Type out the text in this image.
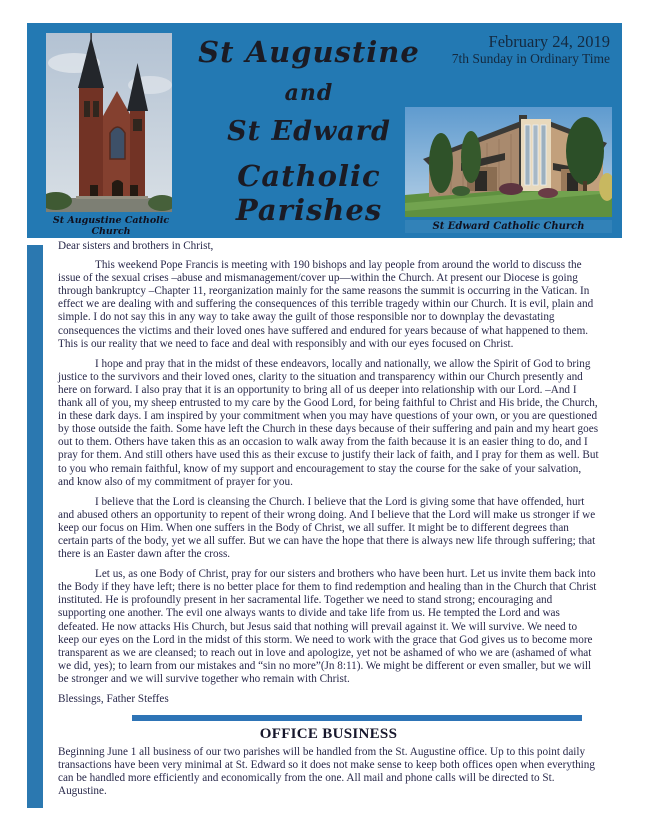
St Augustine Catholic Church
St Augustine
and
St Edward
Catholic Parishes
February 24, 2019
7th Sunday in Ordinary Time
St Edward Catholic Church

Dear sisters and brothers in Christ,

This weekend Pope Francis is meeting with 190 bishops and lay people from around the world to discuss the issue of the sexual crises –abuse and mismanagement/cover up—within the Church. At present our Diocese is going through bankruptcy –Chapter 11, reorganization mainly for the same reasons the summit is occurring in the Vatican. In effect we are dealing with and suffering the consequences of this terrible tragedy within our Church. It is evil, plain and simple. I do not say this in any way to take away the guilt of those responsible nor to downplay the devastating consequences the victims and their loved ones have suffered and endured for years because of what happened to them. This is our reality that we need to face and deal with responsibly and with our eyes focused on Christ.

I hope and pray that in the midst of these endeavors, locally and nationally, we allow the Spirit of God to bring justice to the survivors and their loved ones, clarity to the situation and transparency within our Church presently and here on forward. I also pray that it is an opportunity to bring all of us deeper into relationship with our Lord. –And I thank all of you, my sheep entrusted to my care by the Good Lord, for being faithful to Christ and His bride, the Church, in these dark days. I am inspired by your commitment when you may have questions of your own, or you are questioned by those outside the faith. Some have left the Church in these days because of their suffering and pain and my heart goes out to them. Others have taken this as an occasion to walk away from the faith because it is an easier thing to do, and I pray for them. And still others have used this as their excuse to justify their lack of faith, and I pray for them as well. But to you who remain faithful, know of my support and encouragement to stay the course for the sake of your salvation, and know also of my commitment of prayer for you.

I believe that the Lord is cleansing the Church. I believe that the Lord is giving some that have offended, hurt and abused others an opportunity to repent of their wrong doing. And I believe that the Lord will make us stronger if we keep our focus on Him. When one suffers in the Body of Christ, we all suffer. It might be to different degrees than certain parts of the body, yet we all suffer. But we can have the hope that there is always new life through suffering; that there is an Easter dawn after the cross.

Let us, as one Body of Christ, pray for our sisters and brothers who have been hurt. Let us invite them back into the Body if they have left; there is no better place for them to find redemption and healing than in the Church that Christ instituted. He is profoundly present in her sacramental life. Together we need to stand strong; encouraging and supporting one another. The evil one always wants to divide and take life from us. He tempted the Lord and was defeated. He now attacks His Church, but Jesus said that nothing will prevail against it. We will survive. We need to keep our eyes on the Lord in the midst of this storm. We need to work with the grace that God gives us to become more transparent as we are cleansed; to reach out in love and apologize, yet not be ashamed of who we are (ashamed of what we did, yes); to learn from our mistakes and “sin no more”(Jn 8:11). We might be different or even smaller, but we will be stronger and we will survive together who remain with Christ.

Blessings, Father Steffes

OFFICE BUSINESS

Beginning June 1 all business of our two parishes will be handled from the St. Augustine office. Up to this point daily transactions have been very minimal at St. Edward so it does not make sense to keep both offices open when everything can be handled more efficiently and economically from the one. All mail and phone calls will be directed to St. Augustine.
